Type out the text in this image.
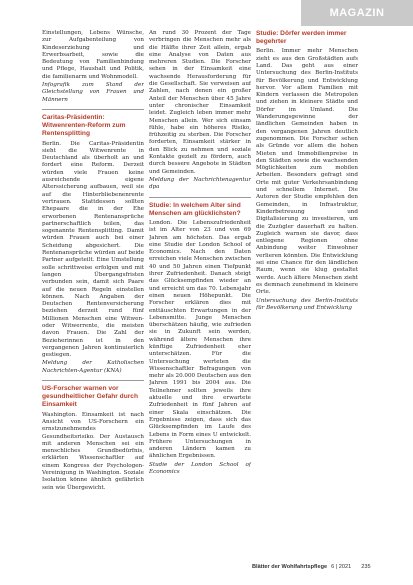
MAGAZIN

Einstellungen, Lebens Wünsche, zur Aufgabenteilung von Kindeserziehung und Erwerbsarbeit, sowie die Bedeutung von Familienbindung und Pflege, Haushalt und Politik, die familienarm und Wohnmodell.

Infografik zum Stand der Gleichstellung von Frauen und Männern

Caritas-Präsidentin: Witwenrenten-Reform zum Rentensplitting

Berlin. Die Caritas-Präsidentin sieht die Witwenrente in Deutschland als überholt an und fordert eine Reform. Derzeit würden viele Frauen keine ausreichende eigene Alterssicherung aufbauen, weil sie auf die Hinterbliebenenrente vertrauen. Stattdessen sollten Ehepaare die in der Ehe erworbenen Rentenansprüche partnerschaftlich teilen, das sogenannte Rentensplitting. Damit würden Frauen auch bei einer Scheidung abgesichert. Die Rentenansprüche würden auf beide Partner aufgeteilt. Eine Umstellung solle schrittweise erfolgen und mit langen Übergangsfristen verbunden sein, damit sich Paare auf die neuen Regeln einstellen können. Nach Angaben der Deutschen Rentenversicherung beziehen derzeit rund fünf Millionen Menschen eine Witwen- oder Witwerrente, die meisten davon Frauen. Die Zahl der Bezieherinnen ist in den vergangenen Jahren kontinuierlich gestiegen.

Meldung der Katholischen Nachrichten-Agentur (KNA)

US-Forscher warnen vor gesundheitlicher Gefahr durch Einsamkeit

Washington. Einsamkeit ist nach Ansicht von US-Forschern ein ernstzunehmendes Gesundheitsrisiko. Der Austausch mit anderen Menschen sei ein menschliches Grundbedürfnis, erklärten Wissenschaftler auf einem Kongress der Psychologen-Vereinigung in Washington. Soziale Isolation könne ähnlich gefährlich sein wie Übergewicht.

An rund 30 Prozent der Tage verbringen die Menschen mehr als die Hälfte ihrer Zeit allein, ergab eine Analyse von Daten aus mehreren Studien. Die Forscher sehen in der Einsamkeit eine wachsende Herausforderung für die Gesellschaft. Sie verweisen auf Zahlen, nach denen ein großer Anteil der Menschen über 45 Jahre unter chronischer Einsamkeit leidet. Zugleich leben immer mehr Menschen allein. Wer sich einsam fühle, habe ein höheres Risiko, frühzeitig zu sterben. Die Forscher forderten, Einsamkeit stärker in den Blick zu nehmen und soziale Kontakte gezielt zu fördern, auch durch bessere Angebote in Städten und Gemeinden.

Meldung der Nachrichtenagentur dpa

Studie: In welchem Alter sind Menschen am glücklichsten?

London. Die Lebenszufriedenheit ist im Alter von 23 und von 69 Jahren am höchsten. Das ergab eine Studie der London School of Economics. Nach den Daten erreichen viele Menschen zwischen 40 und 50 Jahren einen Tiefpunkt ihrer Zufriedenheit. Danach steigt das Glücksempfinden wieder an und erreicht um das 70. Lebensjahr einen neuen Höhepunkt. Die Forscher erklären dies mit enttäuschten Erwartungen in der Lebensmitte. Junge Menschen überschätzen häufig, wie zufrieden sie in Zukunft sein werden, während ältere Menschen ihre künftige Zufriedenheit eher unterschätzen. Für die Untersuchung werteten die Wissenschaftler Befragungen von mehr als 20.000 Deutschen aus den Jahren 1991 bis 2004 aus. Die Teilnehmer sollten jeweils ihre aktuelle und ihre erwartete Zufriedenheit in fünf Jahren auf einer Skala einschätzen. Die Ergebnisse zeigen, dass sich das Glücksempfinden im Laufe des Lebens in Form eines U entwickelt. Frühere Untersuchungen in anderen Ländern kamen zu ähnlichen Ergebnissen.

Studie der London School of Economics

Studie: Dörfer werden immer begehrter

Berlin. Immer mehr Menschen zieht es aus den Großstädten aufs Land. Das geht aus einer Untersuchung des Berlin-Instituts für Bevölkerung und Entwicklung hervor. Vor allem Familien mit Kindern verlassen die Metropolen und ziehen in kleinere Städte und Dörfer im Umland. Die Wanderungsgewinne der ländlichen Gemeinden haben in den vergangenen Jahren deutlich zugenommen. Die Forscher sehen als Gründe vor allem die hohen Mieten und Immobilienpreise in den Städten sowie die wachsenden Möglichkeiten zum mobilen Arbeiten. Besonders gefragt sind Orte mit guter Verkehrsanbindung und schnellem Internet. Die Autoren der Studie empfehlen den Gemeinden, in Infrastruktur, Kinderbetreuung und Digitalisierung zu investieren, um die Zuzügler dauerhaft zu halten. Zugleich warnen sie davor, dass entlegene Regionen ohne Anbindung weiter Einwohner verlieren könnten. Die Entwicklung sei eine Chance für den ländlichen Raum, wenn sie klug gestaltet werde. Auch ältere Menschen zieht es demnach zunehmend in kleinere Orte.

Untersuchung des Berlin-Instituts für Bevölkerung und Entwicklung

Blätter der Wohlfahrtspflege 6 | 2021 235
